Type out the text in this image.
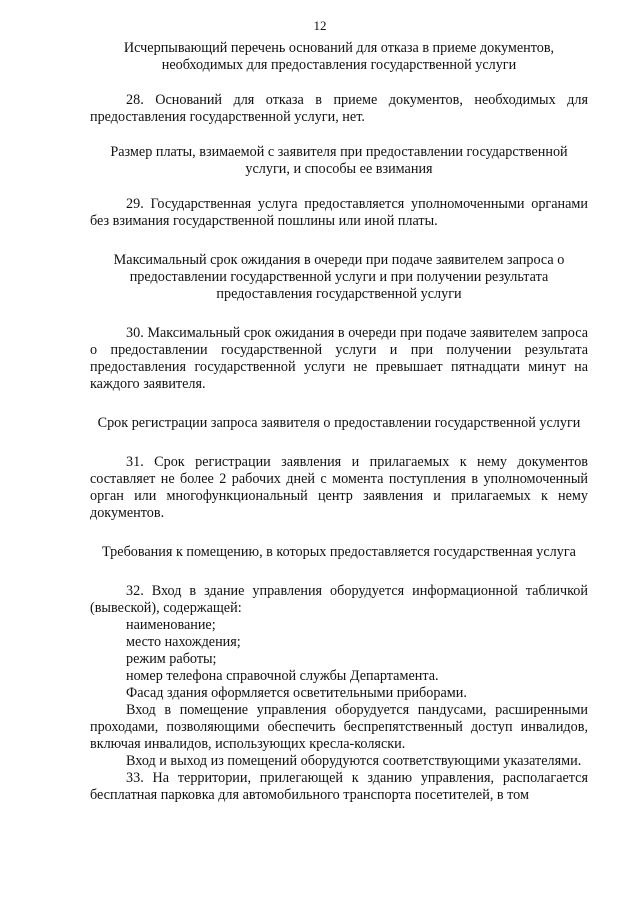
12

Исчерпывающий перечень оснований для отказа в приеме документов, необходимых для предоставления государственной услуги

28. Оснований для отказа в приеме документов, необходимых для предоставления государственной услуги, нет.

Размер платы, взимаемой с заявителя при предоставлении государственной услуги, и способы ее взимания

29. Государственная услуга предоставляется уполномоченными органами без взимания государственной пошлины или иной платы.

Максимальный срок ожидания в очереди при подаче заявителем запроса о предоставлении государственной услуги и при получении результата предоставления государственной услуги

30. Максимальный срок ожидания в очереди при подаче заявителем запроса о предоставлении государственной услуги и при получении результата предоставления государственной услуги не превышает пятнадцати минут на каждого заявителя.

Срок регистрации запроса заявителя о предоставлении государственной услуги

31. Срок регистрации заявления и прилагаемых к нему документов составляет не более 2 рабочих дней с момента поступления в уполномоченный орган или многофункциональный центр заявления и прилагаемых к нему документов.

Требования к помещению, в которых предоставляется государственная услуга

32. Вход в здание управления оборудуется информационной табличкой (вывеской), содержащей:

наименование;

место нахождения;

режим работы;

номер телефона справочной службы Департамента.

Фасад здания оформляется осветительными приборами.

Вход в помещение управления оборудуется пандусами, расширенными проходами, позволяющими обеспечить беспрепятственный доступ инвалидов, включая инвалидов, использующих кресла-коляски.

Вход и выход из помещений оборудуются соответствующими указателями.

33. На территории, прилегающей к зданию управления, располагается бесплатная парковка для автомобильного транспорта посетителей, в том
